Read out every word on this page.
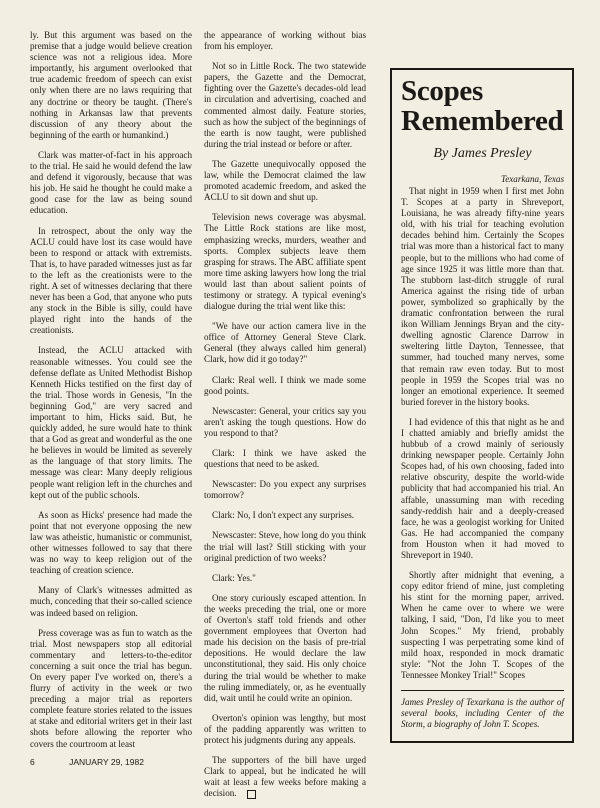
ly. But this argument was based on the premise that a judge would believe creation science was not a religious idea. More importantly, his argument overlooked that true academic freedom of speech can exist only when there are no laws requiring that any doctrine or theory be taught. (There's nothing in Arkansas law that prevents discussion of any theory about the beginning of the earth or humankind.)

Clark was matter-of-fact in his approach to the trial. He said he would defend the law and defend it vigorously, because that was his job. He said he thought he could make a good case for the law as being sound education.

In retrospect, about the only way the ACLU could have lost its case would have been to respond or attack with extremists. That is, to have paraded witnesses just as far to the left as the creationists were to the right. A set of witnesses declaring that there never has been a God, that anyone who puts any stock in the Bible is silly, could have played right into the hands of the creationists.

Instead, the ACLU attacked with reasonable witnesses. You could see the defense deflate as United Methodist Bishop Kenneth Hicks testified on the first day of the trial. Those words in Genesis, "In the beginning God," are very sacred and important to him, Hicks said. But, he quickly added, he sure would hate to think that a God as great and wonderful as the one he believes in would be limited as severely as the language of that story limits. The message was clear: Many deeply religious people want religion left in the churches and kept out of the public schools.

As soon as Hicks' presence had made the point that not everyone opposing the new law was atheistic, humanistic or communist, other witnesses followed to say that there was no way to keep religion out of the teaching of creation science.

Many of Clark's witnesses admitted as much, conceding that their so-called science was indeed based on religion.

Press coverage was as fun to watch as the trial. Most newspapers stop all editorial commentary and letters-to-the-editor concerning a suit once the trial has begun. On every paper I've worked on, there's a flurry of activity in the week or two preceding a major trial as reporters complete feature stories related to the issues at stake and editorial writers get in their last shots before allowing the reporter who covers the courtroom at least

the appearance of working without bias from his employer.

Not so in Little Rock. The two statewide papers, the Gazette and the Democrat, fighting over the Gazette's decades-old lead in circulation and advertising, coached and commented almost daily. Feature stories, such as how the subject of the beginnings of the earth is now taught, were published during the trial instead or before or after.

The Gazette unequivocally opposed the law, while the Democrat claimed the law promoted academic freedom, and asked the ACLU to sit down and shut up.

Television news coverage was abysmal. The Little Rock stations are like most, emphasizing wrecks, murders, weather and sports. Complex subjects leave them grasping for straws. The ABC affiliate spent more time asking lawyers how long the trial would last than about salient points of testimony or strategy. A typical evening's dialogue during the trial went like this:

"We have our action camera live in the office of Attorney General Steve Clark. General (they always called him general) Clark, how did it go today?"

Clark: Real well. I think we made some good points.

Newscaster: General, your critics say you aren't asking the tough questions. How do you respond to that?

Clark: I think we have asked the questions that need to be asked.

Newscaster: Do you expect any surprises tomorrow?

Clark: No, I don't expect any surprises.

Newscaster: Steve, how long do you think the trial will last? Still sticking with your original prediction of two weeks?

Clark: Yes."

One story curiously escaped attention. In the weeks preceding the trial, one or more of Overton's staff told friends and other government employees that Overton had made his decision on the basis of pre-trial depositions. He would declare the law unconstitutional, they said. His only choice during the trial would be whether to make the ruling immediately, or, as he eventually did, wait until he could write an opinion.

Overton's opinion was lengthy, but most of the padding apparently was written to protect his judgments during any appeals.

The supporters of the bill have urged Clark to appeal, but he indicated he will wait at least a few weeks before making a decision.

Scopes Remembered
By James Presley
Texarkana, Texas

That night in 1959 when I first met John T. Scopes at a party in Shreveport, Louisiana, he was already fifty-nine years old, with his trial for teaching evolution decades behind him. Certainly the Scopes trial was more than a historical fact to many people, but to the millions who had come of age since 1925 it was little more than that. The stubborn last-ditch struggle of rural America against the rising tide of urban power, symbolized so graphically by the dramatic confrontation between the rural ikon William Jennings Bryan and the city-dwelling agnostic Clarence Darrow in sweltering little Dayton, Tennessee, that summer, had touched many nerves, some that remain raw even today. But to most people in 1959 the Scopes trial was no longer an emotional experience. It seemed buried forever in the history books.

I had evidence of this that night as he and I chatted amiably and briefly amidst the hubbub of a crowd mainly of seriously drinking newspaper people. Certainly John Scopes had, of his own choosing, faded into relative obscurity, despite the world-wide publicity that had accompanied his trial. An affable, unassuming man with receding sandy-reddish hair and a deeply-creased face, he was a geologist working for United Gas. He had accompanied the company from Houston when it had moved to Shreveport in 1940.

Shortly after midnight that evening, a copy editor friend of mine, just completing his stint for the morning paper, arrived. When he came over to where we were talking, I said, "Don, I'd like you to meet John Scopes." My friend, probably suspecting I was perpetrating some kind of mild hoax, responded in mock dramatic style: "Not the John T. Scopes of the Tennessee Monkey Trial!" Scopes

James Presley of Texarkana is the author of several books, including Center of the Storm, a biography of John T. Scopes.
6	JANUARY 29, 1982
